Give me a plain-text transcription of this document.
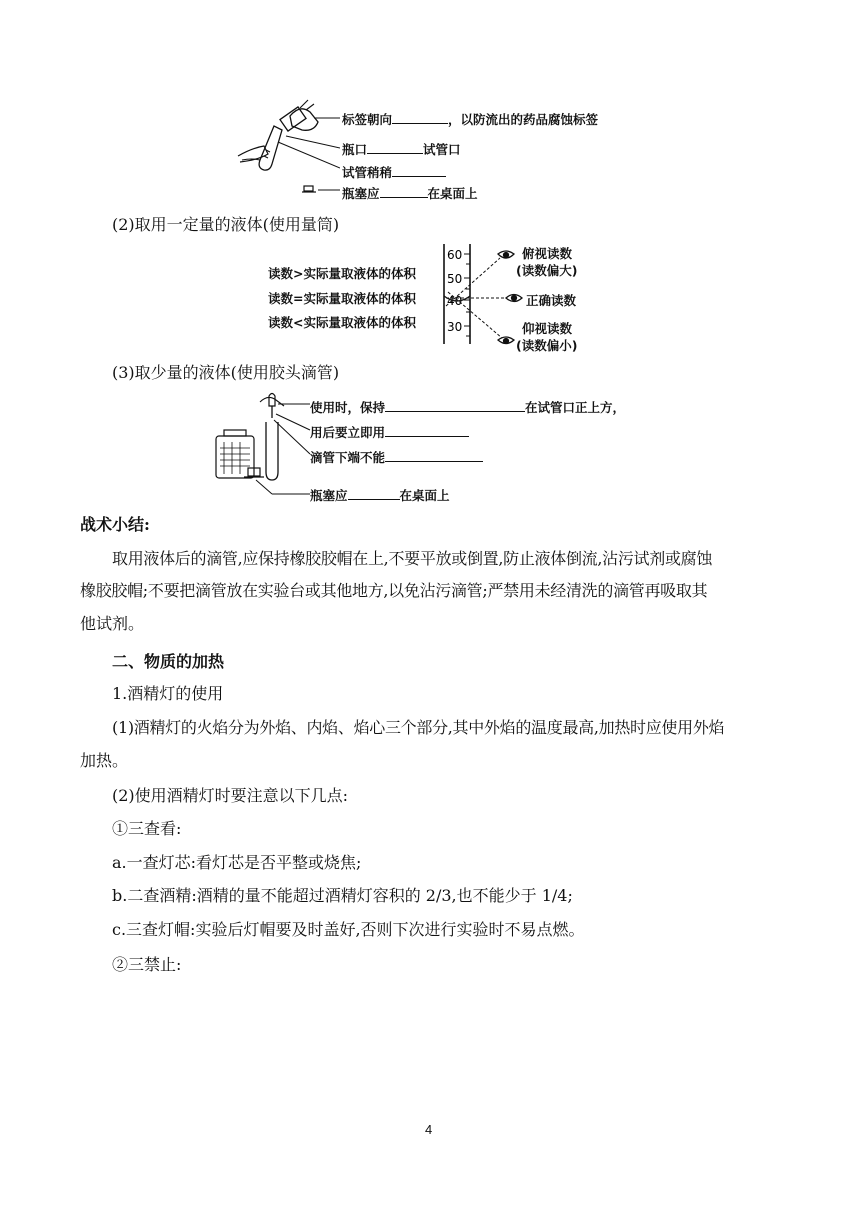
标签朝向	，以防流出的药品腐蚀标签
瓶口	试管口
试管稍稍
瓶塞应	在桌面上
(2)取用一定量的液体(使用量筒)
读数>实际量取液体的体积
读数=实际量取液体的体积
读数<实际量取液体的体积
60
50
40
30
俯视读数
(读数偏大)
正确读数
仰视读数
(读数偏小)
(3)取少量的液体(使用胶头滴管)
使用时，保持	在试管口正上方，
用后要立即用
滴管下端不能
瓶塞应	在桌面上
战术小结:
取用液体后的滴管,应保持橡胶胶帽在上,不要平放或倒置,防止液体倒流,沾污试剂或腐蚀
橡胶胶帽;不要把滴管放在实验台或其他地方,以免沾污滴管;严禁用未经清洗的滴管再吸取其
他试剂。
二、物质的加热
1.酒精灯的使用
(1)酒精灯的火焰分为外焰、内焰、焰心三个部分,其中外焰的温度最高,加热时应使用外焰
加热。
(2)使用酒精灯时要注意以下几点:
①三查看:
a.一查灯芯:看灯芯是否平整或烧焦;
b.二查酒精:酒精的量不能超过酒精灯容积的 2/3,也不能少于 1/4;
c.三查灯帽:实验后灯帽要及时盖好,否则下次进行实验时不易点燃。
②三禁止:
4
